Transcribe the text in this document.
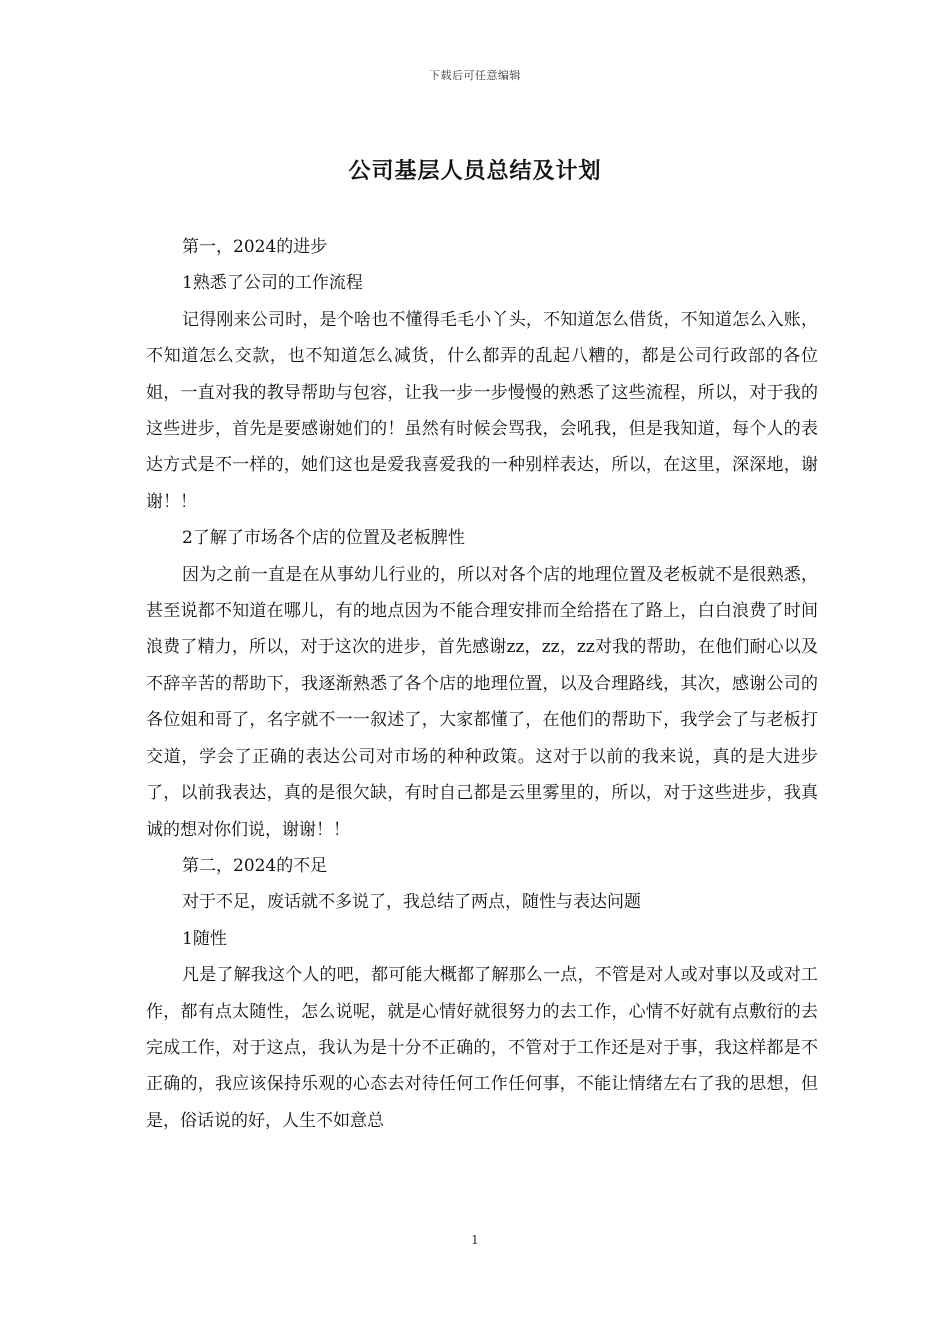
下载后可任意编辑
公司基层人员总结及计划

第一，2024的进步

1熟悉了公司的工作流程

记得刚来公司时，是个啥也不懂得毛毛小丫头，不知道怎么借货，不知道怎么入账，不知道怎么交款，也不知道怎么减货，什么都弄的乱起八糟的，都是公司行政部的各位姐，一直对我的教导帮助与包容，让我一步一步慢慢的熟悉了这些流程，所以，对于我的这些进步，首先是要感谢她们的！虽然有时候会骂我，会吼我，但是我知道，每个人的表达方式是不一样的，她们这也是爱我喜爱我的一种别样表达，所以，在这里，深深地，谢谢！！

2了解了市场各个店的位置及老板脾性

因为之前一直是在从事幼儿行业的，所以对各个店的地理位置及老板就不是很熟悉，甚至说都不知道在哪儿，有的地点因为不能合理安排而全给搭在了路上，白白浪费了时间浪费了精力，所以，对于这次的进步，首先感谢zz，zz，zz对我的帮助，在他们耐心以及不辞辛苦的帮助下，我逐渐熟悉了各个店的地理位置，以及合理路线，其次，感谢公司的各位姐和哥了，名字就不一一叙述了，大家都懂了，在他们的帮助下，我学会了与老板打交道，学会了正确的表达公司对市场的种种政策。这对于以前的我来说，真的是大进步了，以前我表达，真的是很欠缺，有时自己都是云里雾里的，所以，对于这些进步，我真诚的想对你们说，谢谢！！

第二，2024的不足

对于不足，废话就不多说了，我总结了两点，随性与表达问题

1随性

凡是了解我这个人的吧，都可能大概都了解那么一点，不管是对人或对事以及或对工作，都有点太随性，怎么说呢，就是心情好就很努力的去工作，心情不好就有点敷衍的去完成工作，对于这点，我认为是十分不正确的，不管对于工作还是对于事，我这样都是不正确的，我应该保持乐观的心态去对待任何工作任何事，不能让情绪左右了我的思想，但是，俗话说的好，人生不如意总

1
